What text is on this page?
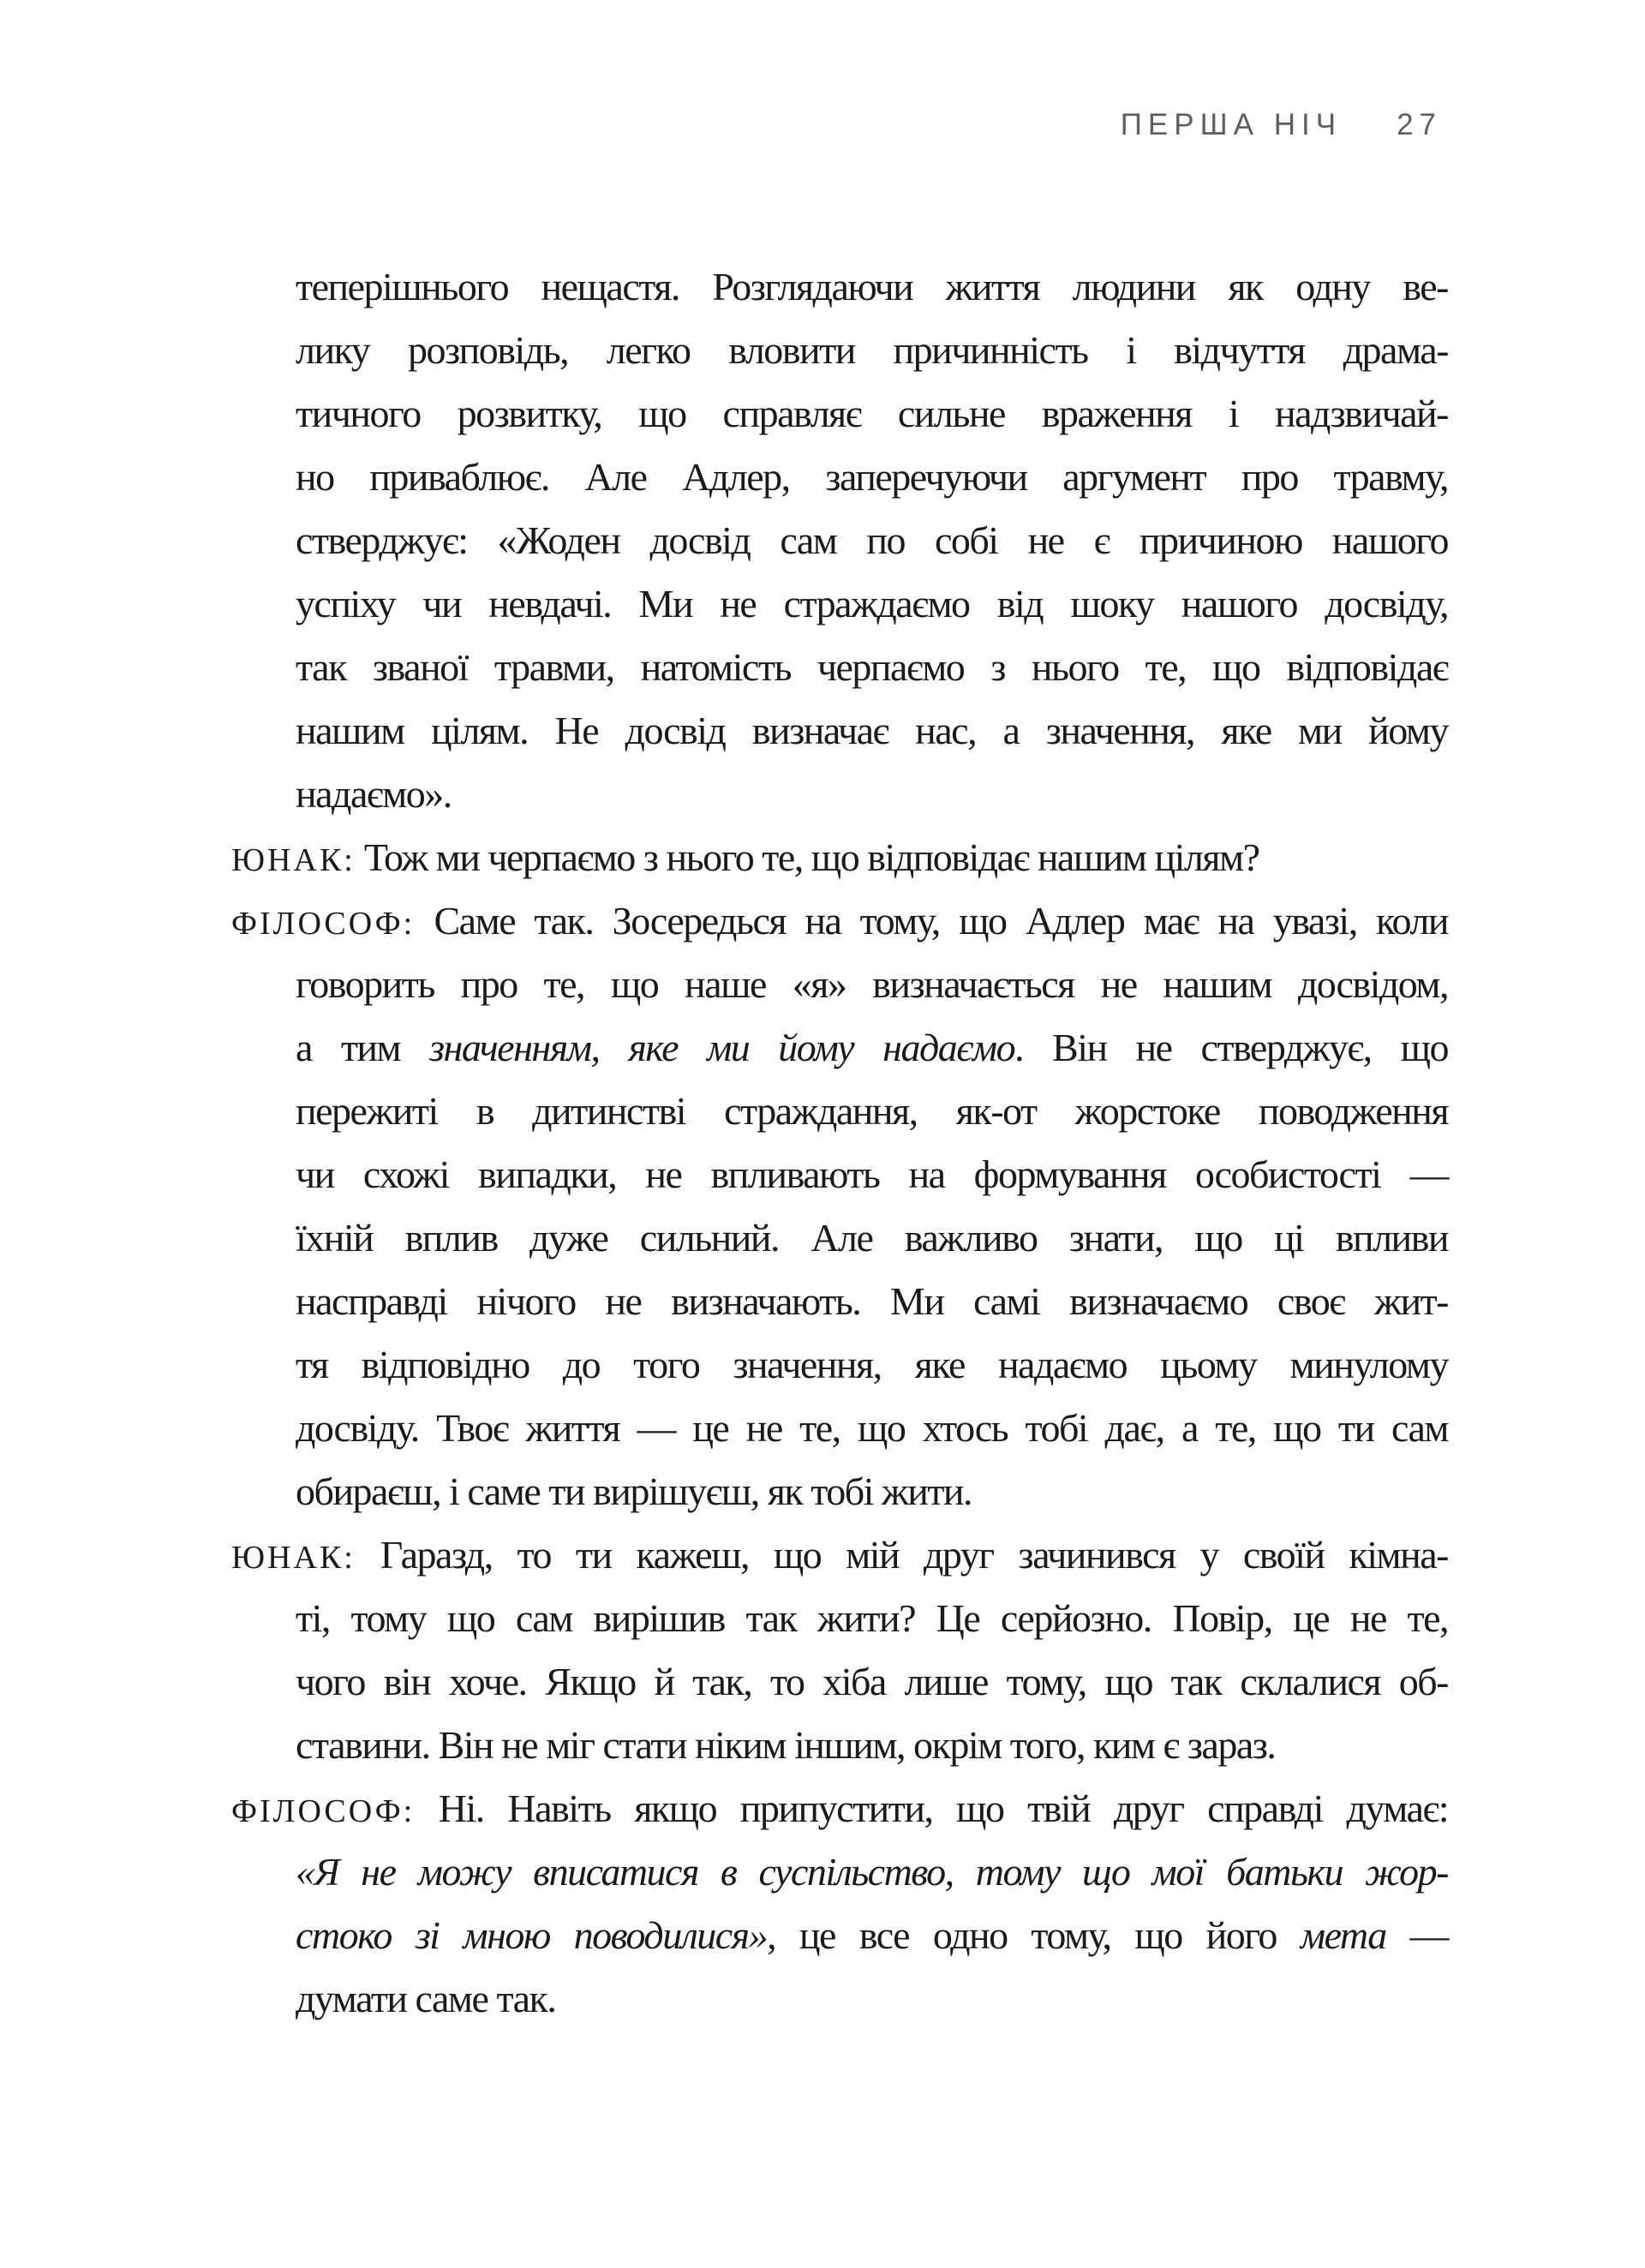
ПЕРША НІЧ 27
теперішнього нещастя. Розглядаючи життя людини як одну ве-
лику розповідь, легко вловити причинність і відчуття драма-
тичного розвитку, що справляє сильне враження і надзвичай-
но приваблює. Але Адлер, заперечуючи аргумент про травму,
стверджує: «Жоден досвід сам по собі не є причиною нашого
успіху чи невдачі. Ми не страждаємо від шоку нашого досвіду,
так званої травми, натомість черпаємо з нього те, що відповідає
нашим цілям. Не досвід визначає нас, а значення, яке ми йому
надаємо».
ЮНАК: Тож ми черпаємо з нього те, що відповідає нашим цілям?
ФІЛОСОФ: Саме так. Зосередься на тому, що Адлер має на увазі, коли
говорить про те, що наше «я» визначається не нашим досвідом,
а тим значенням, яке ми йому надаємо. Він не стверджує, що
пережиті в дитинстві страждання, як-от жорстоке поводження
чи схожі випадки, не впливають на формування особистості —
їхній вплив дуже сильний. Але важливо знати, що ці впливи
насправді нічого не визначають. Ми самі визначаємо своє жит-
тя відповідно до того значення, яке надаємо цьому минулому
досвіду. Твоє життя — це не те, що хтось тобі дає, а те, що ти сам
обираєш, і саме ти вирішуєш, як тобі жити.
ЮНАК: Гаразд, то ти кажеш, що мій друг зачинився у своїй кімна-
ті, тому що сам вирішив так жити? Це серйозно. Повір, це не те,
чого він хоче. Якщо й так, то хіба лише тому, що так склалися об-
ставини. Він не міг стати ніким іншим, окрім того, ким є зараз.
ФІЛОСОФ: Ні. Навіть якщо припустити, що твій друг справді думає:
«Я не можу вписатися в суспільство, тому що мої батьки жор-
стоко зі мною поводилися», це все одно тому, що його мета —
думати саме так.
